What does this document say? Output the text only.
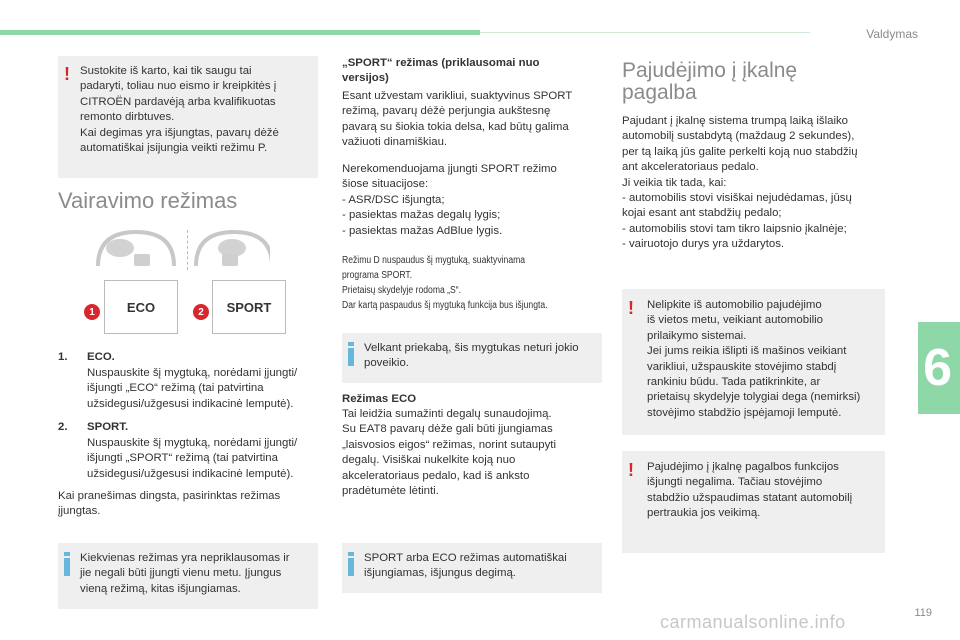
Valdymas
6
! Sustokite iš karto, kai tik saugu tai
padaryti, toliau nuo eismo ir kreipkitės į
CITROËN pardavėją arba kvalifikuotas
remonto dirbtuves.
Kai degimas yra išjungtas, pavarų dėžė
automatiškai įsijungia veikti režimu P.
Vairavimo režimas
1	ECO	2	SPORT
1. ECO.
Nuspauskite šį mygtuką, norėdami įjungti/
išjungti „ECO“ režimą (tai patvirtina
užsidegusi/užgesusi indikacinė lemputė).
2. SPORT.
Nuspauskite šį mygtuką, norėdami įjungti/
išjungti „SPORT“ režimą (tai patvirtina
užsidegusi/užgesusi indikacinė lemputė).
Kai pranešimas dingsta, pasirinktas režimas
įjungtas.
Kiekvienas režimas yra nepriklausomas ir
jie negali būti įjungti vienu metu. Įjungus
vieną režimą, kitas išjungiamas.
„SPORT“ režimas (priklausomai nuo
versijos)
Esant užvestam varikliui, suaktyvinus SPORT
režimą, pavarų dėžė perjungia aukštesnę
pavarą su šiokia tokia delsa, kad būtų galima
važiuoti dinamiškiau.
Nerekomenduojama įjungti SPORT režimo
šiose situacijose:
- ASR/DSC išjungta;
- pasiektas mažas degalų lygis;
- pasiektas mažas AdBlue lygis.
Režimu D nuspaudus šį mygtuką, suaktyvinama
programa SPORT.
Prietaisų skydelyje rodoma „S“.
Dar kartą paspaudus šį mygtuką funkcija bus išjungta.
Velkant priekabą, šis mygtukas neturi jokio
poveikio.
Režimas ECO
Tai leidžia sumažinti degalų sunaudojimą.
Su EAT8 pavarų dėže gali būti įjungiamas
„laisvosios eigos“ režimas, norint sutaupyti
degalų. Visiškai nukelkite koją nuo
akceleratoriaus pedalo, kad iš anksto
pradėtumėte lėtinti.
SPORT arba ECO režimas automatiškai
išjungiamas, išjungus degimą.
Pajudėjimo į įkalnę
pagalba
Pajudant į įkalnę sistema trumpą laiką išlaiko
automobilį sustabdytą (maždaug 2 sekundes),
per tą laiką jūs galite perkelti koją nuo stabdžių
ant akceleratoriaus pedalo.
Ji veikia tik tada, kai:
- automobilis stovi visiškai nejudėdamas, jūsų
kojai esant ant stabdžių pedalo;
- automobilis stovi tam tikro laipsnio įkalnėje;
- vairuotojo durys yra uždarytos.
! Nelipkite iš automobilio pajudėjimo
iš vietos metu, veikiant automobilio
prilaikymo sistemai.
Jei jums reikia išlipti iš mašinos veikiant
varikliui, užspauskite stovėjimo stabdį
rankiniu būdu. Tada patikrinkite, ar
prietaisų skydelyje tolygiai dega (nemirksi)
stovėjimo stabdžio įspėjamoji lemputė.
! Pajudėjimo į įkalnę pagalbos funkcijos
išjungti negalima. Tačiau stovėjimo
stabdžio užspaudimas statant automobilį
pertraukia jos veikimą.
119
carmanualsonline.info
